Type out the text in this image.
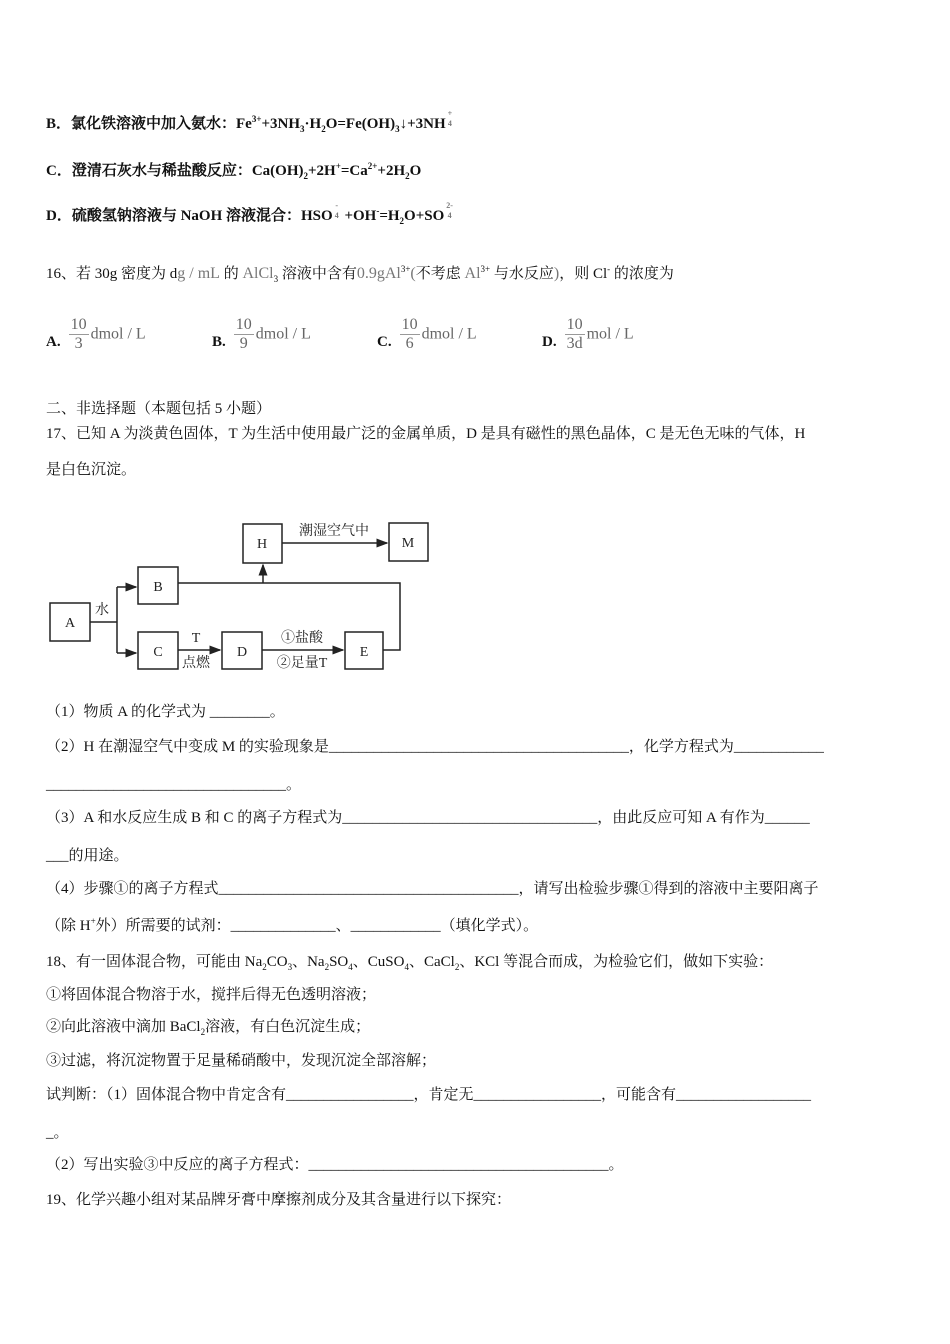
B．氯化铁溶液中加入氨水：$Fe^{3+}+3NH_3\cdot H_2O=Fe(OH)_3↓+3NH$
+
4
C．澄清石灰水与稀盐酸反应：$Ca(OH)_2+2H^+=Ca^{2+}+2H_2O$
D．硫酸氢钠溶液与 NaOH 溶液混合：HSO
-
$4 +OH^-=H_2O+SO$
2-
4
16、若 30g 密度为 dg / mL 的 AlCl$_3$ 溶液中含有0.9gAl$^{3+}$(不考虑 $Al^{3+}$ 与水反应)，则 Cl- 的浓度为
A. $\frac{10}{3}$ dmol / L	B. $\frac{10}{9}$ dmol / L	C. $\frac{10}{6}$ dmol / L	D. $\frac{10}{3d}$ mol / L
二、非选择题（本题包括 5 小题）
17、已知 A 为淡黄色固体，T 为生活中使用最广泛的金属单质，D 是具有磁性的黑色晶体，C 是无色无味的气体，H
是白色沉淀。
A
B
C	D	E
H	M
水
T
点燃
①盐酸
②足量T
潮湿空气中
（1）物质 A 的化学式为 ________。
（2）H 在潮湿空气中变成 M 的实验现象是________________________________________，化学方程式为____________
________________________________。
（3）A 和水反应生成 B 和 C 的离子方程式为__________________________________，由此反应可知 A 有作为______
___的用途。
（4）步骤①的离子方程式________________________________________，请写出检验步骤①得到的溶液中主要阳离子
（除 H+外）所需要的试剂：______________、____________（填化学式）。
18、有一固体混合物，可能由 $Na_2CO_3$、$Na_2SO_4$、CuSO$_4$、CaCl$_2$、KCl 等混合而成，为检验它们，做如下实验：
①将固体混合物溶于水，搅拌后得无色透明溶液；
②向此溶液中滴加 BaCl$_2$溶液，有白色沉淀生成；
③过滤，将沉淀物置于足量稀硝酸中，发现沉淀全部溶解；
试判断：（1）固体混合物中肯定含有_________________，肯定无_________________，可能含有__________________
_。
（2）写出实验③中反应的离子方程式：________________________________________。
19、化学兴趣小组对某品牌牙膏中摩擦剂成分及其含量进行以下探究：
